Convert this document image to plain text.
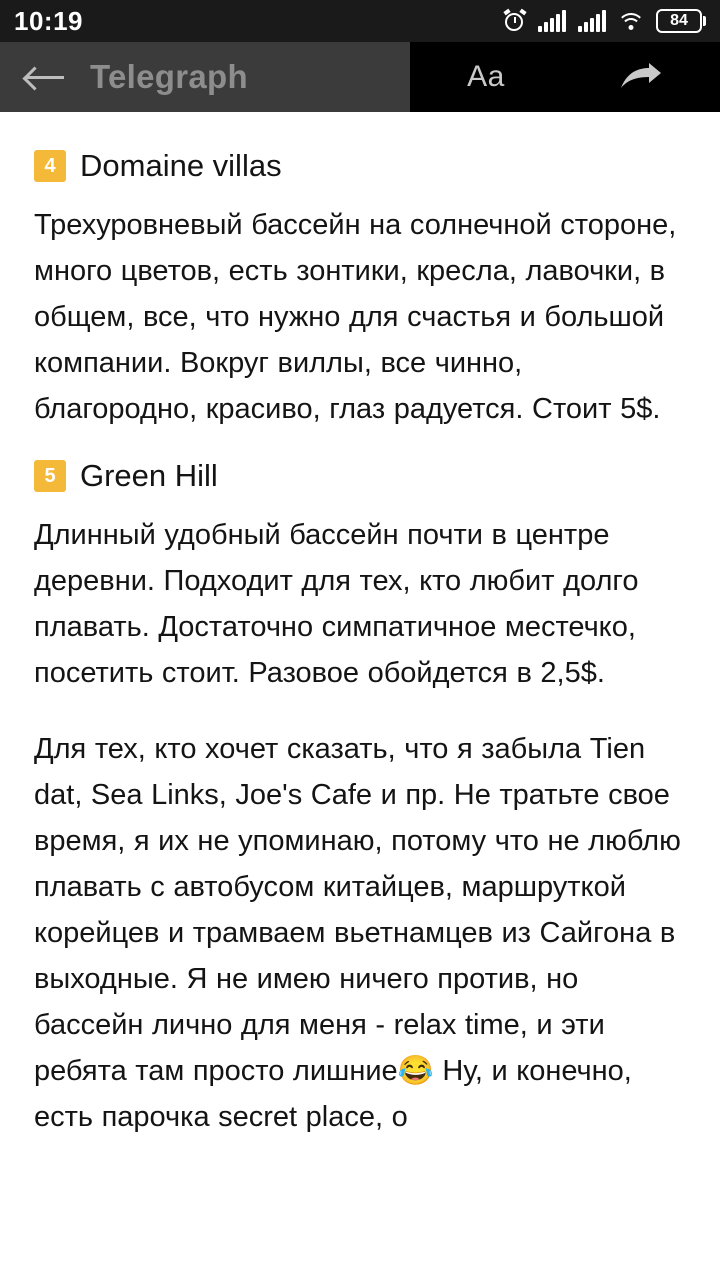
10:19	84
Telegraph	Aa
4 Domaine villas

Трехуровневый бассейн на солнечной стороне, много цветов, есть зонтики, кресла, лавочки, в общем, все, что нужно для счастья и большой компании. Вокруг виллы, все чинно, благородно, красиво, глаз радуется. Стоит 5$.

5 Green Hill

Длинный удобный бассейн почти в центре деревни. Подходит для тех, кто любит долго плавать. Достаточно симпатичное местечко, посетить стоит. Разовое обойдется в 2,5$.

Для тех, кто хочет сказать, что я забыла Tien dat, Sea Links, Joe's Cafe и пр. Не тратьте свое время, я их не упоминаю, потому что не люблю плавать с автобусом китайцев, маршруткой корейцев и трамваем вьетнамцев из Сайгона в выходные. Я не имею ничего против, но бассейн лично для меня - relax time, и эти ребята там просто лишние😂 Ну, и конечно, есть парочка secret place, о
